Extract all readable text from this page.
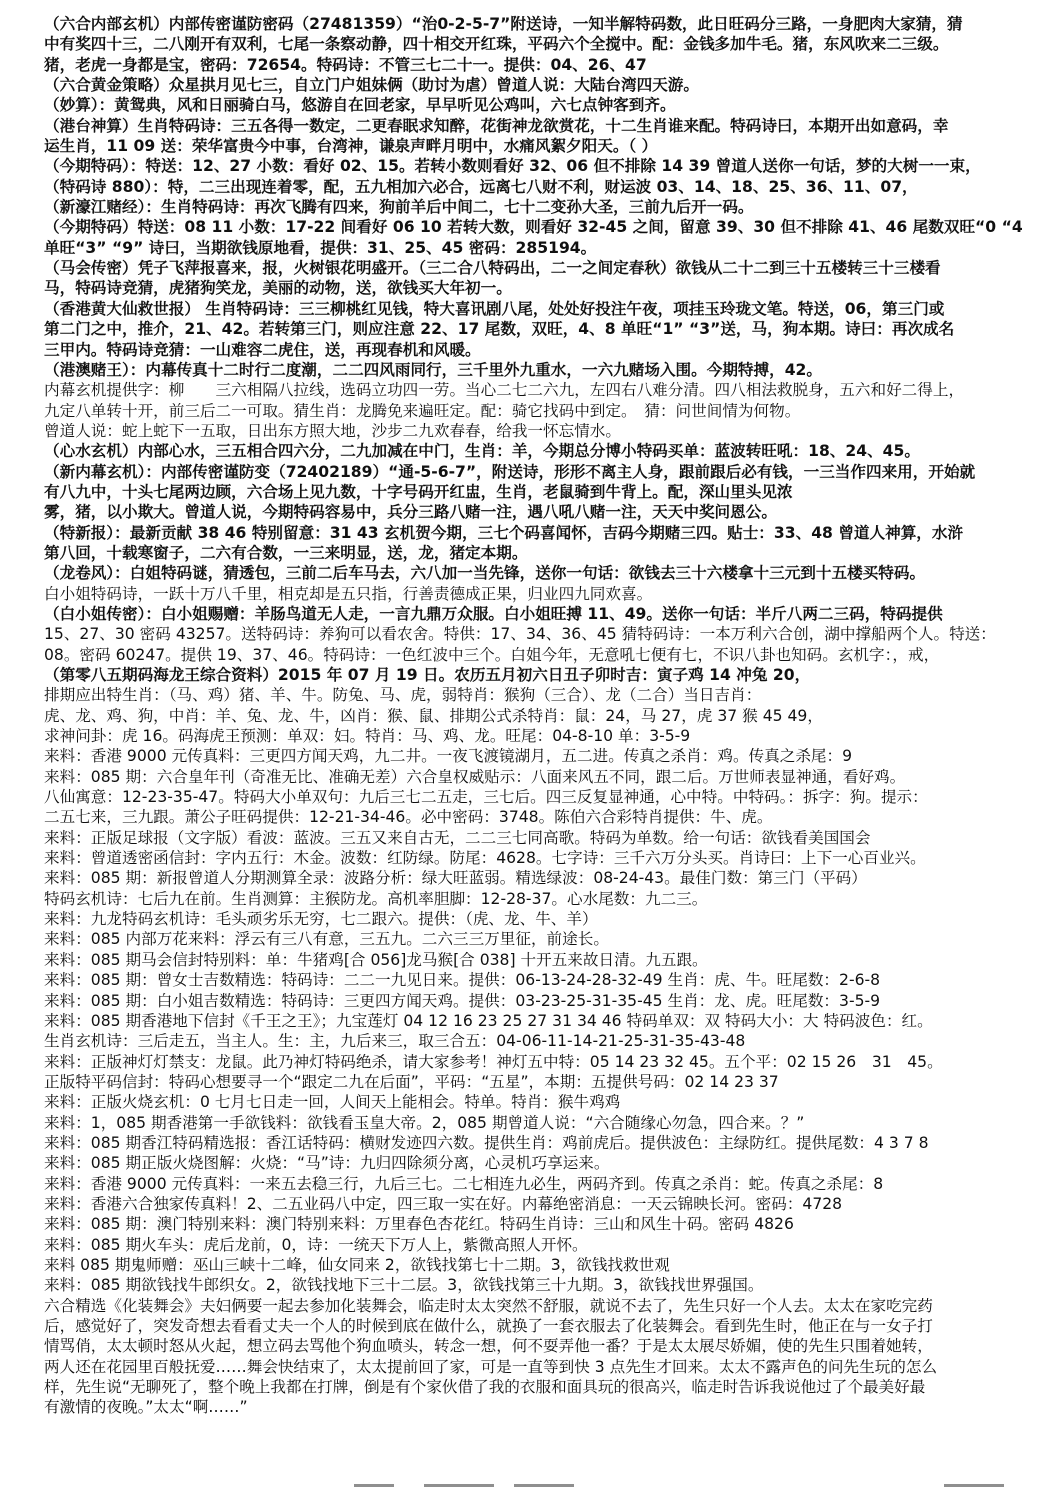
（六合内部玄机）内部传密谨防密码（27481359）“治0-2-5-7”附送诗，一知半解特码数，此日旺码分三路，一身肥肉大家猜，猜
中有奖四十三，二八刚开有双利，七尾一条察动静，四十相交开红珠，平码六个全搅中。配：金钱多加牛毛。猪，东风吹来二三级。
猪，老虎一身都是宝，密码：72654。特码诗：不管三七二十一。提供：04、26、47
（六合黄金策略）众星拱月见七三，自立门户姐妹俩（助讨为虐）曾道人说：大陆台湾四天游。
（妙算）：黄鸳典，风和日丽骑白马，悠游自在回老家，早早听见公鸡叫，六七点钟客到齐。
（港台神算）生肖特码诗：三五各得一数定，二更春眠求知醉，花街神龙欲赏花，十二生肖谁来配。特码诗曰，本期开出如意码，幸
运生肖，11 09 送：荣华富贵今中事，台湾神，谦泉声畔月明中，水痛风絮夕阳天。（ ）
（今期特码）：特送：12、27 小数：看好 02、15。若转小数则看好 32、06 但不排除 14 39 曾道人送你一句话，梦的大树一一束，
（特码诗 880）：特，二三出现连着零，配，五九相加六必合，远离七八财不利，财运波 03、14、18、25、36、11、07，
（新濠江赌经）：生肖特码诗：再次飞腾有四来，狗前羊后中间二，七十二变孙大圣，三前九后开一码。
（今期特码）特送：08 11 小数：17-22 间看好 06 10 若转大数，则看好 32-45 之间，留意 39、30 但不排除 41、46 尾数双旺“0 “4
单旺“3” “9” 诗曰，当期欲钱原地看，提供：31、25、45 密码：285194。
（马会传密）凭子飞萍报喜来，报，火树银花明盛开。（三二合八特码出，二一之间定春秋）欲钱从二十二到三十五楼转三十三楼看
马，特码诗竞猜，虎猪狗笑龙，美丽的动物，送，欲钱买大年初一。
（香港黄大仙救世报） 生肖特码诗：三三柳桃红见钱，特大喜讯剧八尾，处处好投注午夜，项挂玉玲珑文笔。特送，06，第三门或
第二门之中，推介，21、42。若转第三门，则应注意 22、17 尾数，双旺，4、8 单旺“1” “3”送，马，狗本期。诗曰：再次成名
三甲内。特码诗竞猜：一山难容二虎住，送，再现春机和风暖。
（港澳赌王）：内幕传真十二时行二度潮，二二四风雨同行，三千里外九重水，一六九赌场入围。今期特搏，42。
内幕玄机提供字：柳　　三六相隔八拉线，选码立功四一劳。当心二七二六九，左四右八难分清。四八相法救脱身，五六和好二得上，
九定八单转十开，前三后二一可取。猜生肖：龙腾免来遍旺定。配：骑它找码中到定。　猜：问世间情为何物。
曾道人说：蛇上蛇下一五取，日出东方照大地，沙步二九欢春春，给我一怀忘情水。
（心水玄机）内部心水，三五相合四六分，二九加减在中门，生肖：羊，今期总分博小特码买单：蓝波转旺吼：18、24、45。
（新内幕玄机）：内部传密谨防变（72402189）“通-5-6-7”，附送诗，形形不离主人身，跟前跟后必有钱，一三当作四来用，开始就
有八九中，十头七尾两边顾，六合场上见九数，十字号码开红盅，生肖，老鼠骑到牛背上。配，深山里头见浓
雾，猪，以小欺大。曾道人说，今期特码容易中，兵分三路八赌一注，遇八吼八赌一注，天天中奖问恩公。
（特新报）：最新贡献 38 46 特别留意：31 43 玄机贺今期，三七个码喜闻怀，吉码今期赌三四。贴士：33、48 曾道人神算，水浒
第八回，十载寒窗子，二六有合数，一三来明显，送，龙，猪定本期。
（龙卷风）：白姐特码谜，猜透包，三前二后车马去，六八加一当先锋，送你一句话：欲钱去三十六楼拿十三元到十五楼买特码。
白小姐特码诗，一跃十万八千里，相克却是五只指，行善责德成正果，归业四九同欢喜。
（白小姐传密）：白小姐赐赠：羊肠鸟道无人走，一言九鼎万众服。白小姐旺搏 11、49。送你一句话：半斤八两二三码，特码提供
15、27、30 密码 43257。送特码诗：养狗可以看农舍。特供：17、34、36、45 猜特码诗：一本万利六合创，湖中撑船两个人。特送：
08。密码 60247。提供 19、37、46。特码诗：一色红波中三个。白姐今年，无意吼七便有七，不识八卦也知码。玄机字：，戒，
（第零八五期码海龙王综合资料）2015 年 07 月 19 日。农历五月初六日丑子卯时吉：寅子鸡 14 冲兔 20，
排期应出特生肖：（马、鸡）猪、羊、牛。防兔、马、虎，弱特肖：猴狗（三合）、龙（二合）当日吉肖：
虎、龙、鸡、狗，中肖：羊、兔、龙、牛，凶肖：猴、鼠、排期公式杀特肖：鼠：24，马 27，虎 37 猴 45 49，
求神问卦：虎 16。码海虎王预测：单双：妇。特肖：马、鸡、龙。旺尾：04-8-10 单：3-5-9
来料：香港 9000 元传真料：三更四方闻天鸡，九二井。一夜飞渡镜湖月，五二进。传真之杀肖：鸡。传真之杀尾：9
来料：085 期：六合皇年刊（奇准无比、准确无差）六合皇权威贴示：八面来风五不同，跟二后。万世师表显神通，看好鸡。
八仙寓意：12-23-35-47。特码大小单双句：九后三七二五走，三七后。四三反复显神通，心中特。中特码。：拆字：狗。提示：
二五七来，三九跟。萧公子旺码提供：12-21-34-46。必中密码：3748。陈伯六合彩特肖提供：牛、虎。
来料：正版足球报（文字版）看波：蓝波。三五又来自古无，二二三七同高歌。特码为单数。给一句话：欲钱看美国国会
来料：曾道透密函信封：字内五行：木金。波数：红防绿。防尾：4628。七字诗：三千六万分头买。肖诗曰：上下一心百业兴。
来料：085 期：新报曾道人分期测算全录：波路分析：绿大旺蓝弱。精选绿波：08-24-43。最佳门数：第三门（平码）
特码玄机诗：七后九在前。生肖测算：主猴防龙。高机率胆脚：12-28-37。心水尾数：九二三。
来料：九龙特码玄机诗：毛头顽劣乐无穷，七二跟六。提供：（虎、龙、牛、羊）
来料：085 内部万花来料：浮云有三八有意，三五九。二六三三万里征，前途长。
来料：085 期马会信封特别料：单：牛猪鸡[合 056]龙马猴[合 038] 十开五来故日清。九五跟。
来料：085 期：曾女士吉数精选：特码诗：二二一九见日来。提供：06-13-24-28-32-49 生肖：虎、牛。旺尾数：2-6-8
来料：085 期：白小姐吉数精选：特码诗：三更四方闻天鸡。提供：03-23-25-31-35-45 生肖：龙、虎。旺尾数：3-5-9
来料：085 期香港地下信封《千王之王》；九宝莲灯 04 12 16 23 25 27 31 34 46 特码单双：双 特码大小：大 特码波色：红。
生肖玄机诗：三后走五，当主人。生：主，九后来三，取三合五：04-06-11-14-21-25-31-35-43-48
来料：正版神灯灯禁支：龙鼠。此乃神灯特码绝杀，请大家参考！神灯五中特：05 14 23 32 45。五个平：02 15 26　31　45。
正版特平码信封：特码心想要寻一个“跟定二九在后面”，平码：“五星”，本期：五提供号码：02 14 23 37
来料：正版火烧玄机：0 七月七日走一回，人间天上能相会。特单。特肖：猴牛鸡鸡
来料：1，085 期香港第一手欲钱料：欲钱看玉皇大帝。2，085 期曾道人说：“六合随缘心勿急，四合来。？”
来料：085 期香江特码精选报：香江话特码：横财发迹四六数。提供生肖：鸡前虎后。提供波色：主绿防红。提供尾数：4 3 7 8
来料：085 期正版火烧图解：火烧：“马”诗：九归四除须分离，心灵机巧享运来。
来料：香港 9000 元传真料：一来五去稳三行，九后三七。二七相连九必生，两码齐到。传真之杀肖：蛇。传真之杀尾：8
来料：香港六合独家传真料！2、二五业码八中定，四三取一实在好。内幕绝密消息：一天云锦映长河。密码：4728
来料：085 期：澳门特别来料：澳门特别来料：万里春色杏花红。特码生肖诗：三山和风生十码。密码 4826
来料：085 期火车头：虎后龙前，0，诗：一统天下万人上，紫微高照人开怀。
来料 085 期鬼师赠：巫山三峡十二峰，仙女同来 2，欲钱找第七十二期。3，欲钱找救世观
来料：085 期欲钱找牛郎织女。2，欲钱找地下三十二层。3，欲钱找第三十九期。3，欲钱找世界强国。
六合精选《化装舞会》夫妇俩要一起去参加化装舞会，临走时太太突然不舒服，就说不去了，先生只好一个人去。太太在家吃完药
后，感觉好了，突发奇想去看看丈夫一个人的时候到底在做什么，就换了一套衣服去了化装舞会。看到先生时，他正在与一女子打
情骂俏，太太顿时怒从火起，想立码去骂他个狗血喷头，转念一想，何不耍弄他一番？于是太太展尽娇媚，使的先生只围着她转，
两人还在花园里百般抚爱……舞会快结束了，太太提前回了家，可是一直等到快 3 点先生才回来。太太不露声色的问先生玩的怎么
样，先生说“无聊死了，整个晚上我都在打牌，倒是有个家伙借了我的衣服和面具玩的很高兴，临走时告诉我说他过了个最美好最
有激情的夜晚。”太太“啊……”
